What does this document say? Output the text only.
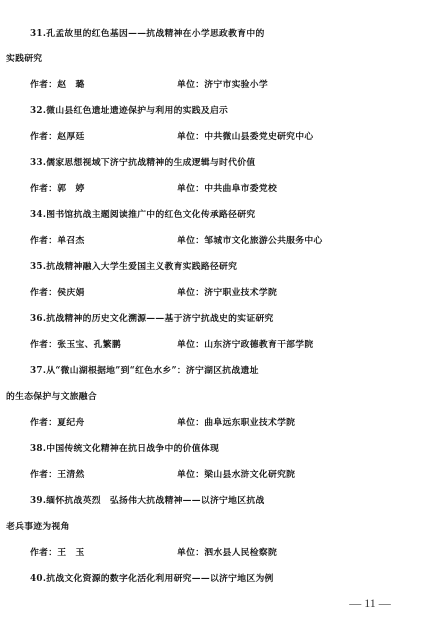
31.孔孟故里的红色基因——抗战精神在小学思政教育中的
实践研究
作者：赵　璐	单位：济宁市实验小学
32.微山县红色遗址遗迹保护与利用的实践及启示
作者：赵厚廷	单位：中共微山县委党史研究中心
33.儒家思想视域下济宁抗战精神的生成逻辑与时代价值
作者：郭　婷	单位：中共曲阜市委党校
34.图书馆抗战主题阅读推广中的红色文化传承路径研究
作者：单召杰	单位：邹城市文化旅游公共服务中心
35.抗战精神融入大学生爱国主义教育实践路径研究
作者：侯庆娟	单位：济宁职业技术学院
36.抗战精神的历史文化溯源——基于济宁抗战史的实证研究
作者：张玉宝、孔繁鹏	单位：山东济宁政德教育干部学院
37.从“微山湖根据地”到“红色水乡”：济宁湖区抗战遗址
的生态保护与文旅融合
作者：夏纪舟	单位：曲阜远东职业技术学院
38.中国传统文化精神在抗日战争中的价值体现
作者：王清然	单位：梁山县水浒文化研究院
39.缅怀抗战英烈　弘扬伟大抗战精神——以济宁地区抗战
老兵事迹为视角
作者：王　玉	单位：泗水县人民检察院
40.抗战文化资源的数字化活化利用研究——以济宁地区为例
— 11 —
